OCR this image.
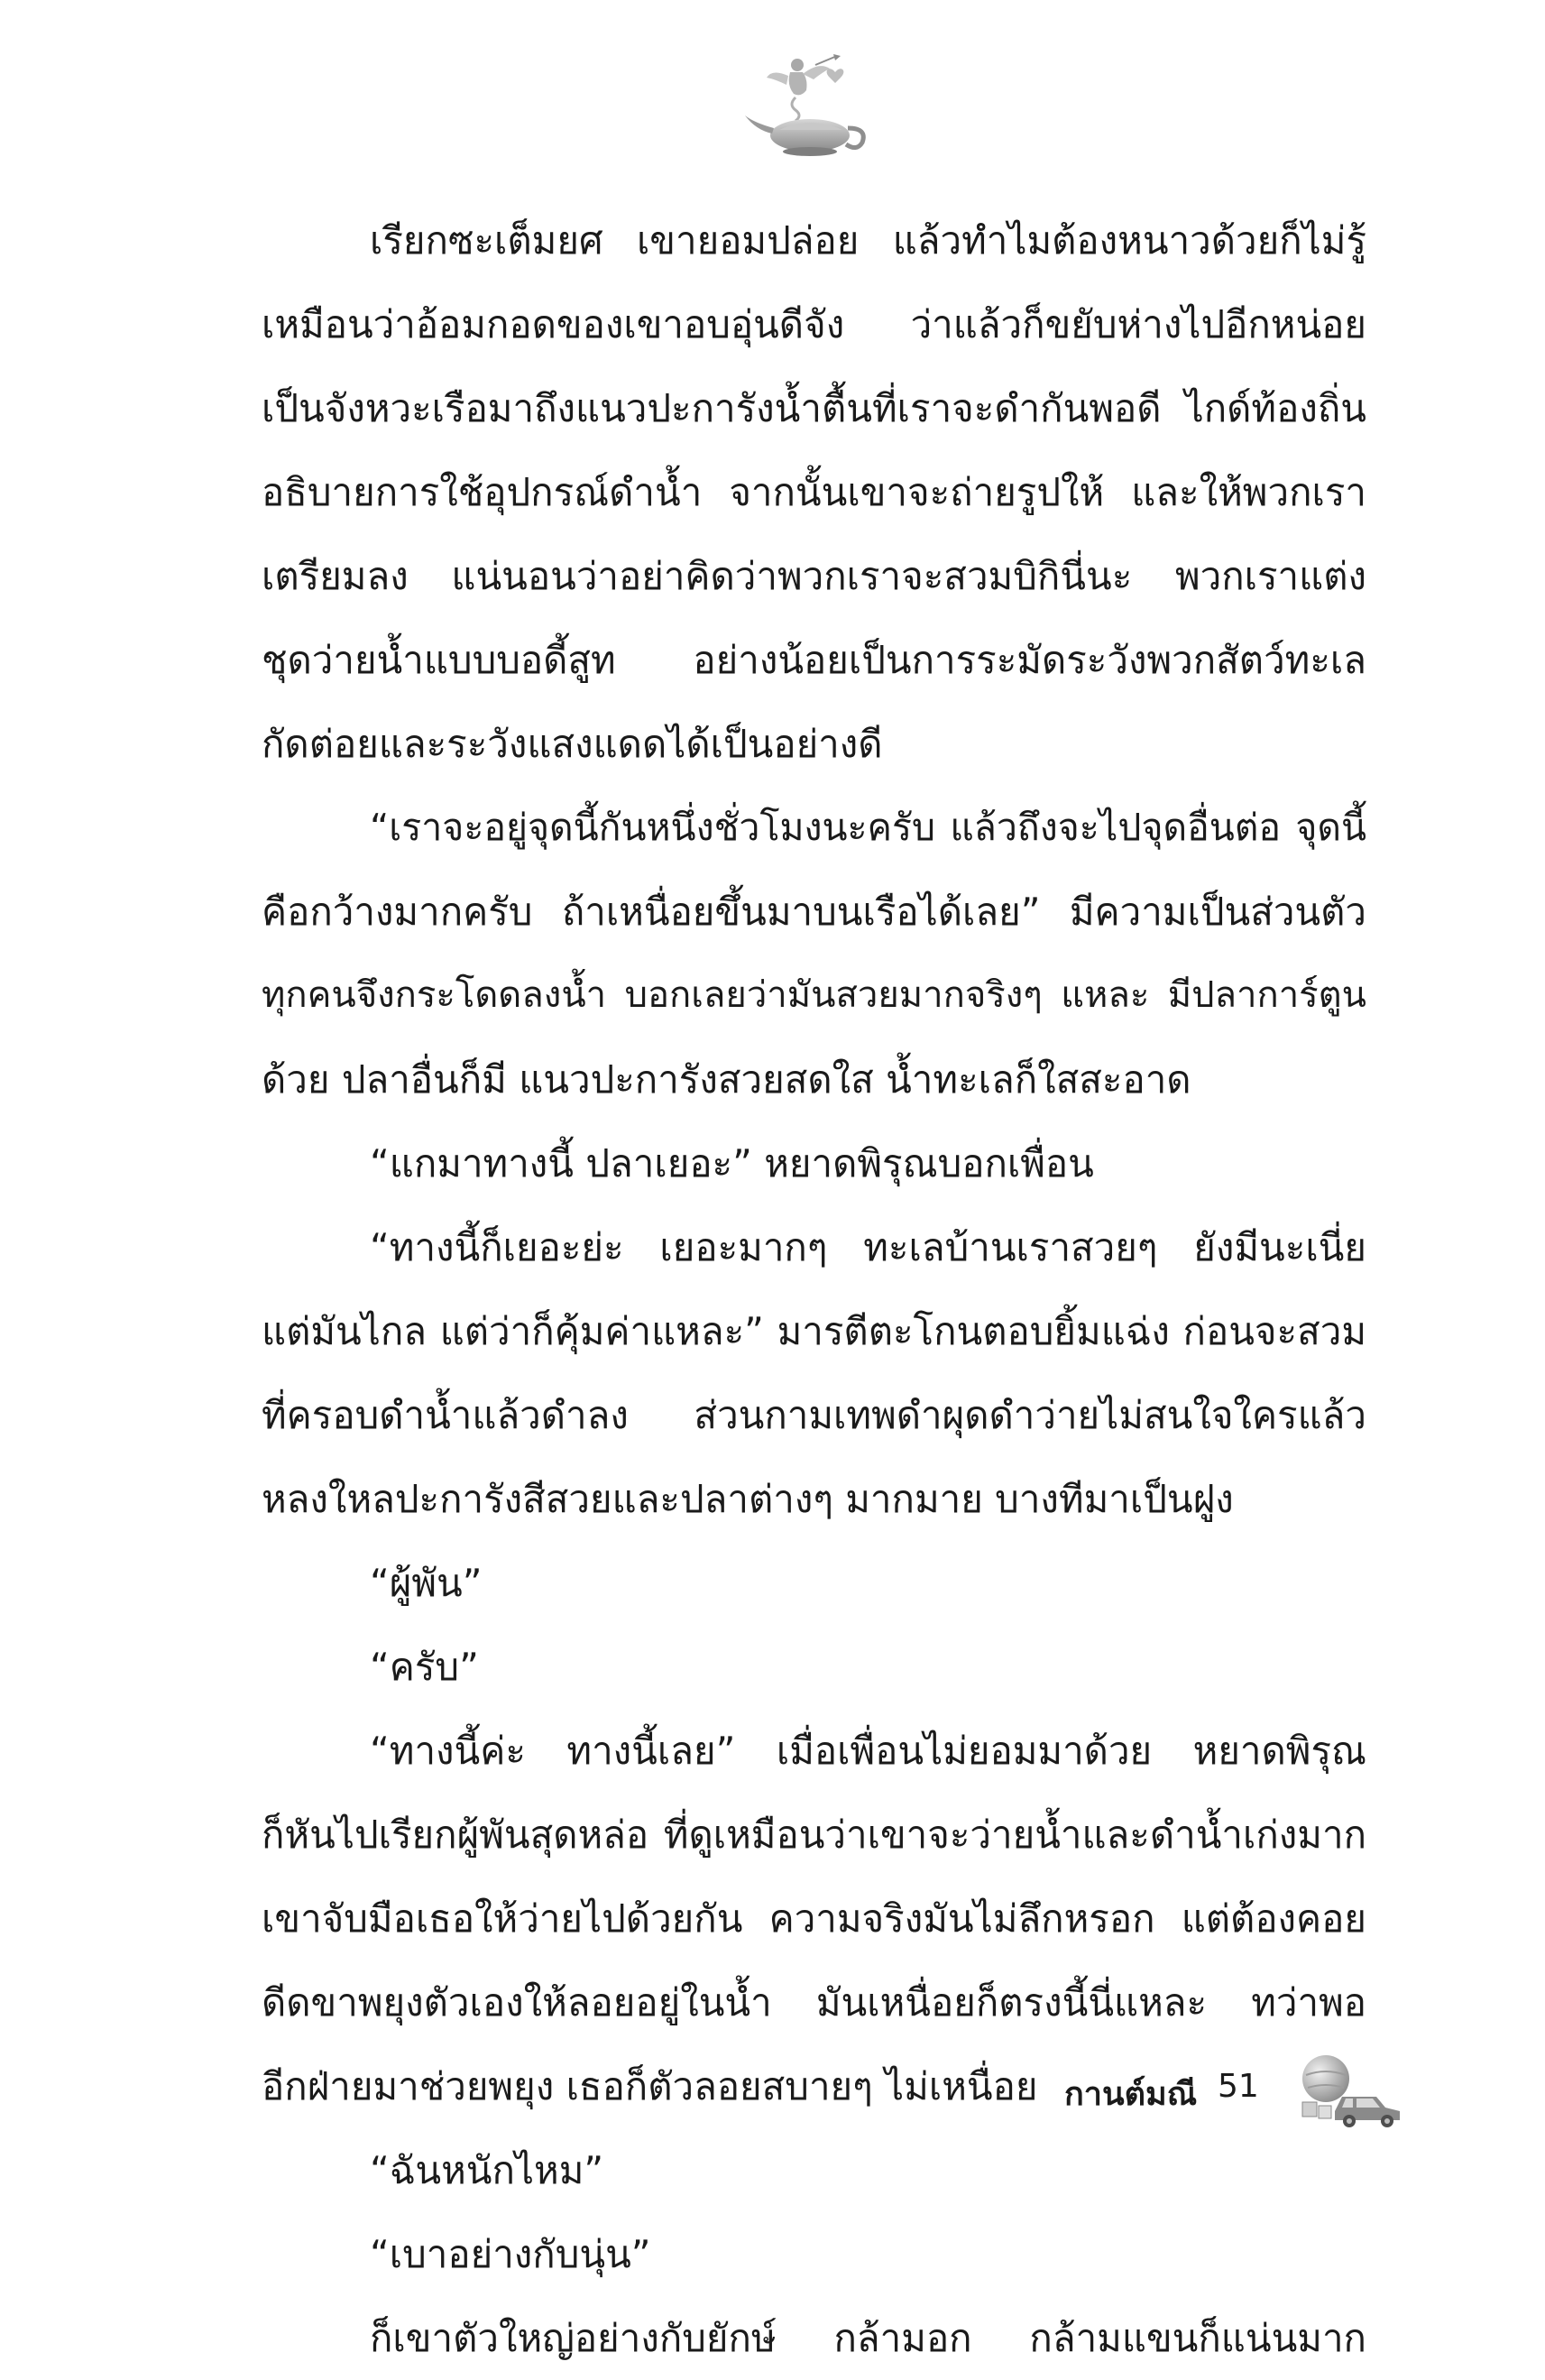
เรียกซะเต็มยศ เขายอมปล่อย แล้วทำไมต้องหนาวด้วยก็ไม่รู้
เหมือนว่าอ้อมกอดของเขาอบอุ่นดีจัง ว่าแล้วก็ขยับห่างไปอีกหน่อย
เป็นจังหวะเรือมาถึงแนวปะการังน้ำตื้นที่เราจะดำกันพอดี ไกด์ท้องถิ่น
อธิบายการใช้อุปกรณ์ดำน้ำ จากนั้นเขาจะถ่ายรูปให้ และให้พวกเรา
เตรียมลง แน่นอนว่าอย่าคิดว่าพวกเราจะสวมบิกินี่นะ พวกเราแต่ง
ชุดว่ายน้ำแบบบอดี้สูท อย่างน้อยเป็นการระมัดระวังพวกสัตว์ทะเล
กัดต่อยและระวังแสงแดดได้เป็นอย่างดี
“เราจะอยู่จุดนี้กันหนึ่งชั่วโมงนะครับ แล้วถึงจะไปจุดอื่นต่อ จุดนี้
คือกว้างมากครับ ถ้าเหนื่อยขึ้นมาบนเรือได้เลย” มีความเป็นส่วนตัว
ทุกคนจึงกระโดดลงน้ำ บอกเลยว่ามันสวยมากจริงๆ แหละ มีปลาการ์ตูน
ด้วย ปลาอื่นก็มี แนวปะการังสวยสดใส น้ำทะเลก็ใสสะอาด
“แกมาทางนี้ ปลาเยอะ” หยาดพิรุณบอกเพื่อน
“ทางนี้ก็เยอะย่ะ เยอะมากๆ ทะเลบ้านเราสวยๆ ยังมีนะเนี่ย
แต่มันไกล แต่ว่าก็คุ้มค่าแหละ” มารตีตะโกนตอบยิ้มแฉ่ง ก่อนจะสวม
ที่ครอบดำน้ำแล้วดำลง ส่วนกามเทพดำผุดดำว่ายไม่สนใจใครแล้ว
หลงใหลปะการังสีสวยและปลาต่างๆ มากมาย บางทีมาเป็นฝูง
“ผู้พัน”
“ครับ”
“ทางนี้ค่ะ ทางนี้เลย” เมื่อเพื่อนไม่ยอมมาด้วย หยาดพิรุณ
ก็หันไปเรียกผู้พันสุดหล่อ ที่ดูเหมือนว่าเขาจะว่ายน้ำและดำน้ำเก่งมาก
เขาจับมือเธอให้ว่ายไปด้วยกัน ความจริงมันไม่ลึกหรอก แต่ต้องคอย
ดีดขาพยุงตัวเองให้ลอยอยู่ในน้ำ มันเหนื่อยก็ตรงนี้นี่แหละ ทว่าพอ
อีกฝ่ายมาช่วยพยุง เธอก็ตัวลอยสบายๆ ไม่เหนื่อย
“ฉันหนักไหม”
“เบาอย่างกับนุ่น”
ก็เขาตัวใหญ่อย่างกับยักษ์ กล้ามอก กล้ามแขนก็แน่นมาก
กานต์มณี 51
